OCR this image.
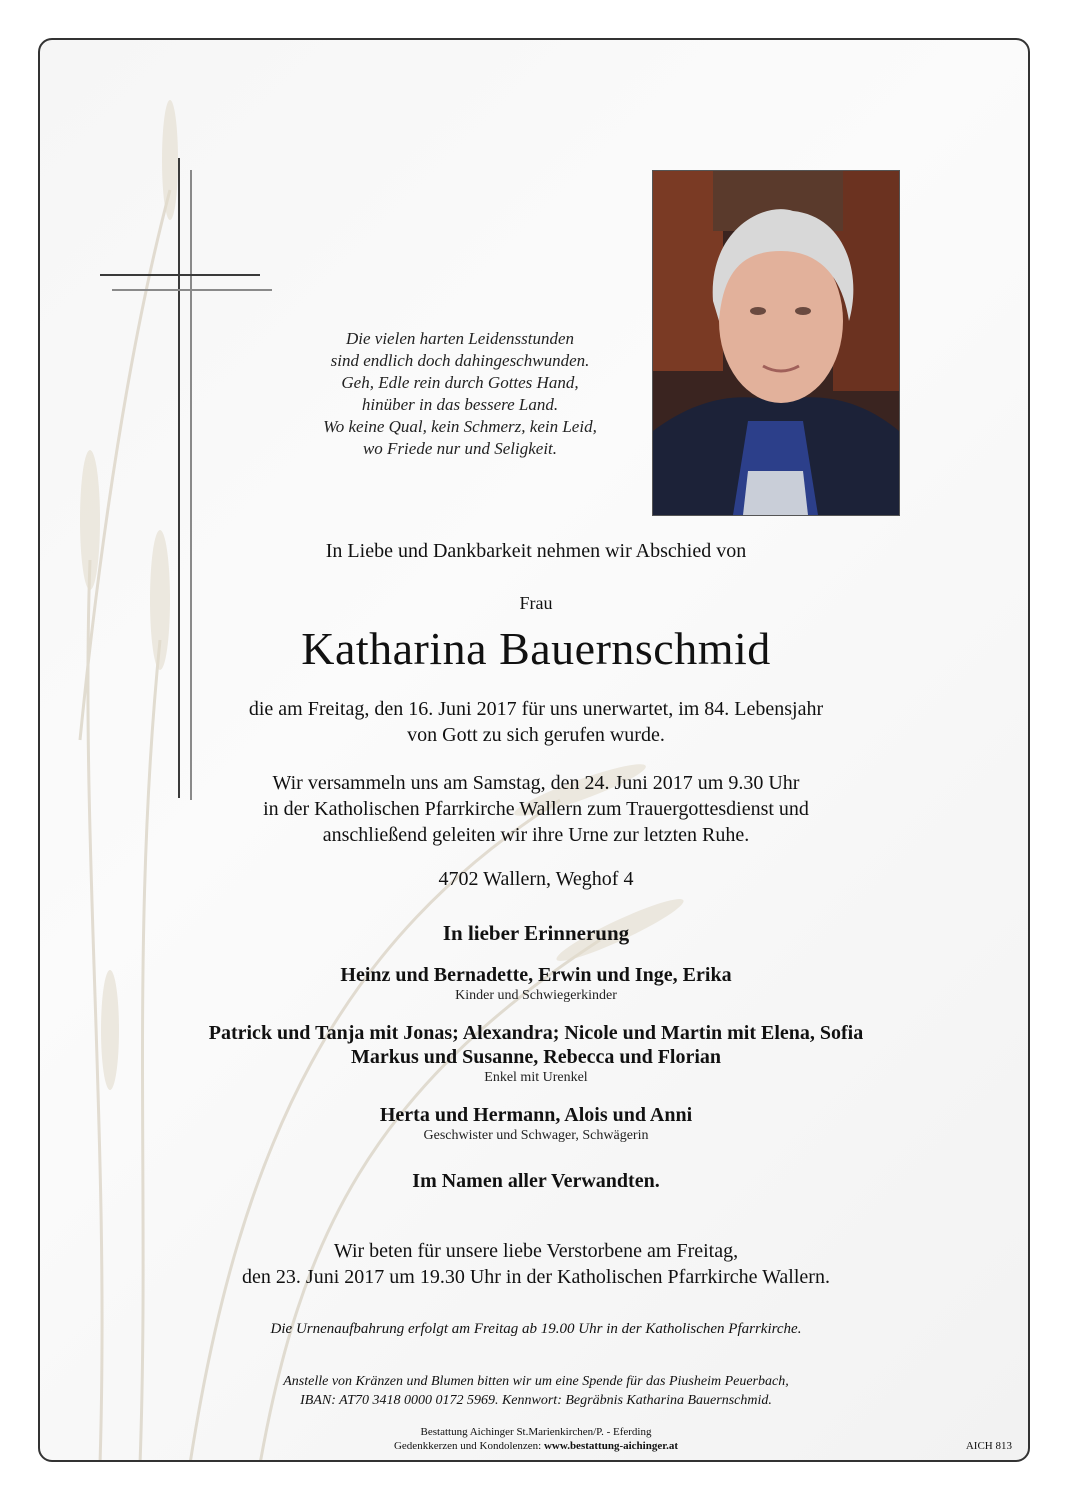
Die vielen harten Leidensstunden
sind endlich doch dahingeschwunden.
Geh, Edle rein durch Gottes Hand,
hinüber in das bessere Land.
Wo keine Qual, kein Schmerz, kein Leid,
wo Friede nur und Seligkeit.
In Liebe und Dankbarkeit nehmen wir Abschied von
Frau
Katharina Bauernschmid
die am Freitag, den 16. Juni 2017 für uns unerwartet, im 84. Lebensjahr
von Gott zu sich gerufen wurde.
Wir versammeln uns am Samstag, den 24. Juni 2017 um 9.30 Uhr
in der Katholischen Pfarrkirche Wallern zum Trauergottesdienst und
anschließend geleiten wir ihre Urne zur letzten Ruhe.
4702 Wallern, Weghof 4
In lieber Erinnerung
Heinz und Bernadette, Erwin und Inge, Erika
Kinder und Schwiegerkinder
Patrick und Tanja mit Jonas; Alexandra; Nicole und Martin mit Elena, Sofia
Markus und Susanne, Rebecca und Florian
Enkel mit Urenkel
Herta und Hermann, Alois und Anni
Geschwister und Schwager, Schwägerin
Im Namen aller Verwandten.
Wir beten für unsere liebe Verstorbene am Freitag,
den 23. Juni 2017 um 19.30 Uhr in der Katholischen Pfarrkirche Wallern.
Die Urnenaufbahrung erfolgt am Freitag ab 19.00 Uhr in der Katholischen Pfarrkirche.
Anstelle von Kränzen und Blumen bitten wir um eine Spende für das Piusheim Peuerbach,
IBAN: AT70 3418 0000 0172 5969. Kennwort: Begräbnis Katharina Bauernschmid.
Bestattung Aichinger St.Marienkirchen/P. - Eferding
Gedenkkerzen und Kondolenzen: www.bestattung-aichinger.at	AICH 813
